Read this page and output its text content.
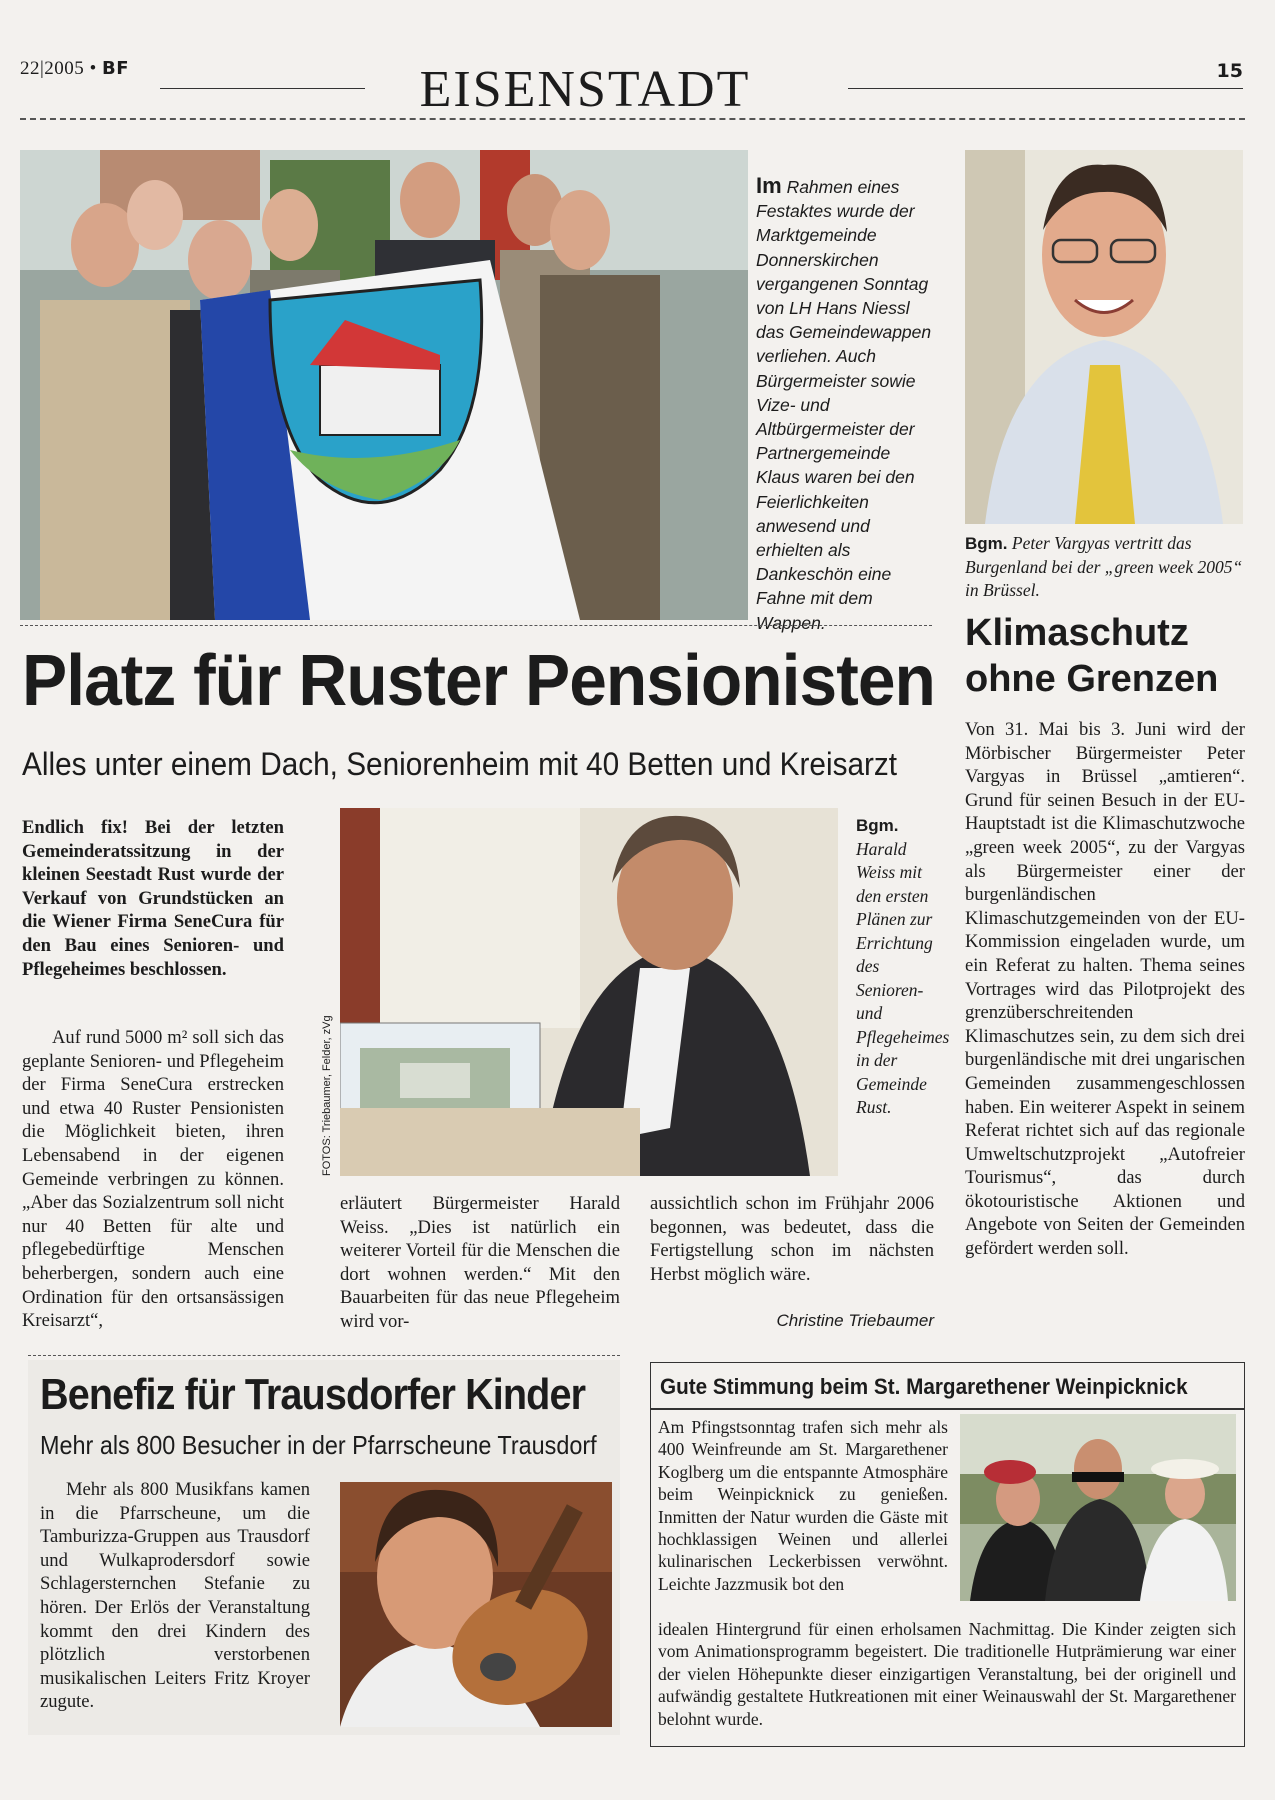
22|2005 • BF	EISENSTADT	15
Im Rahmen eines Festaktes wurde der Marktgemeinde Donnerskirchen vergangenen Sonntag von LH Hans Niessl das Gemeindewappen verliehen. Auch Bürgermeister sowie Vize- und Altbürgermeister der Partnergemeinde Klaus waren bei den Feierlichkeiten anwesend und erhielten als Dankeschön eine Fahne mit dem Wappen.
Bgm. Peter Vargyas vertritt das Burgenland bei der „green week 2005“ in Brüssel.
Klimaschutz
ohne Grenzen
Von 31. Mai bis 3. Juni wird der Mörbischer Bürgermeister Peter Vargyas in Brüssel „amtieren“. Grund für seinen Besuch in der EU-Hauptstadt ist die Klimaschutzwoche „green week 2005“, zu der Vargyas als Bürgermeister einer der burgenländischen Klimaschutzgemeinden von der EU-Kommission eingeladen wurde, um ein Referat zu halten. Thema seines Vortrages wird das Pilotprojekt des grenzüberschreitenden Klimaschutzes sein, zu dem sich drei burgenländische mit drei ungarischen Gemeinden zusammengeschlossen haben. Ein weiterer Aspekt in seinem Referat richtet sich auf das regionale Umweltschutzprojekt „Autofreier Tourismus“, das durch ökotouristische Aktionen und Angebote von Seiten der Gemeinden gefördert werden soll.
Platz für Ruster Pensionisten
Alles unter einem Dach, Seniorenheim mit 40 Betten und Kreisarzt
Endlich fix! Bei der letzten Gemeinderatssitzung in der kleinen Seestadt Rust wurde der Verkauf von Grundstücken an die Wiener Firma SeneCura für den Bau eines Senioren- und Pflegeheimes beschlossen.
Auf rund 5000 m² soll sich das geplante Senioren- und Pflegeheim der Firma SeneCura erstrecken und etwa 40 Ruster Pensionisten die Möglichkeit bieten, ihren Lebensabend in der eigenen Gemeinde verbringen zu können. „Aber das Sozialzentrum soll nicht nur 40 Betten für alte und pflegebedürftige Menschen beherbergen, sondern auch eine Ordination für den ortsansässigen Kreisarzt“,
FOTOS: Triebaumer, Felder, zVg
Bgm. Harald Weiss mit den ersten Plänen zur Errichtung des Senioren- und Pflegeheimes in der Gemeinde Rust.
erläutert Bürgermeister Harald Weiss. „Dies ist natürlich ein weiterer Vorteil für die Menschen die dort wohnen werden.“ Mit den Bauarbeiten für das neue Pflegeheim wird vor-
aussichtlich schon im Frühjahr 2006 begonnen, was bedeutet, dass die Fertigstellung schon im nächsten Herbst möglich wäre.
Christine Triebaumer
Benefiz für Trausdorfer Kinder
Mehr als 800 Besucher in der Pfarrscheune Trausdorf
Mehr als 800 Musikfans kamen in die Pfarrscheune, um die Tamburizza-Gruppen aus Trausdorf und Wulkaprodersdorf sowie Schlagersternchen Stefanie zu hören. Der Erlös der Veranstaltung kommt den drei Kindern des plötzlich verstorbenen musikalischen Leiters Fritz Kroyer zugute.
Gute Stimmung beim St. Margarethener Weinpicknick
Am Pfingstsonntag trafen sich mehr als 400 Weinfreunde am St. Margarethener Koglberg um die entspannte Atmosphäre beim Weinpicknick zu genießen. Inmitten der Natur wurden die Gäste mit hochklassigen Weinen und allerlei kulinarischen Leckerbissen verwöhnt. Leichte Jazzmusik bot den
idealen Hintergrund für einen erholsamen Nachmittag. Die Kinder zeigten sich vom Animationsprogramm begeistert. Die traditionelle Hutprämierung war einer der vielen Höhepunkte dieser einzigartigen Veranstaltung, bei der originell und aufwändig gestaltete Hutkreationen mit einer Weinauswahl der St. Margarethener belohnt wurde.
